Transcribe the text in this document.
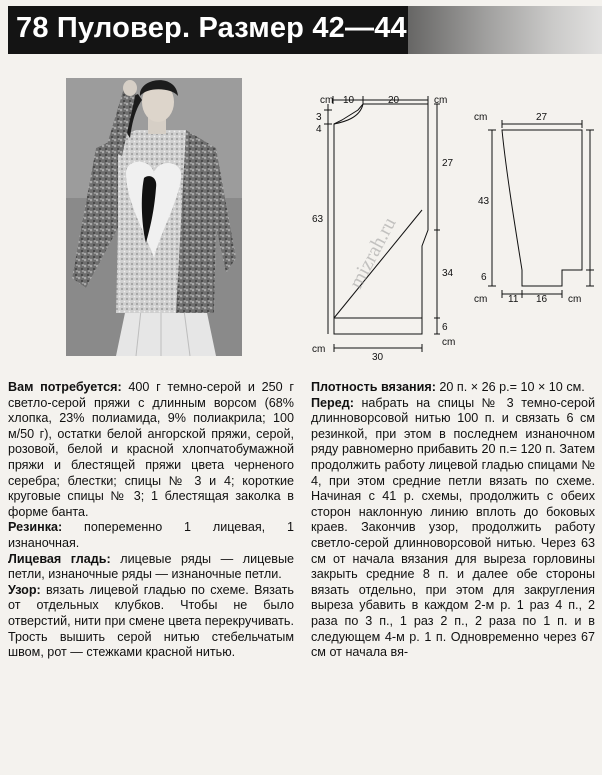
78 Пуловер. Размер 42—44
cm 10	20	cm
3
4
63
27
34
6
cm
cm
30
cm	27
43
6
cm 11 16 cm
mizrah.ru

Вам потребуется: 400 г темно-серой и 250 г светло-серой пряжи с длинным ворсом (68% хлопка, 23% полиамида, 9% полиакрила; 100 м/50 г), остатки белой ангорской пряжи, серой, розовой, белой и красной хлопчатобумажной пряжи и блестящей пряжи цвета черненого серебра; блестки; спицы № 3 и 4; короткие круговые спицы № 3; 1 блестящая заколка в форме банта.

Резинка: попеременно 1 лицевая, 1 изнаночная.

Лицевая гладь: лицевые ряды — лицевые петли, изнаночные ряды — изнаночные петли.

Узор: вязать лицевой гладью по схеме. Вязать от отдельных клубков. Чтобы не было отверстий, нити при смене цвета перекручивать. Трость вышить серой нитью стебельчатым швом, рот — стежками красной нитью.

Плотность вязания: 20 п. × 26 р.= 10 × 10 см.

Перед: набрать на спицы № 3 темно-серой длинноворсовой нитью 100 п. и связать 6 см резинкой, при этом в последнем изнаночном ряду равномерно прибавить 20 п.= 120 п. Затем продолжить работу лицевой гладью спицами № 4, при этом средние петли вязать по схеме. Начиная с 41 р. схемы, продолжить с обеих сторон наклонную линию вплоть до боковых краев. Закончив узор, продолжить работу светло-серой длинноворсовой нитью. Через 63 см от начала вязания для выреза горловины закрыть средние 8 п. и далее обе стороны вязать отдельно, при этом для закругления выреза убавить в каждом 2-м р. 1 раз 4 п., 2 раза по 3 п., 1 раз 2 п., 2 раза по 1 п. и в следующем 4-м р. 1 п. Одновременно через 67 см от начала вя-
